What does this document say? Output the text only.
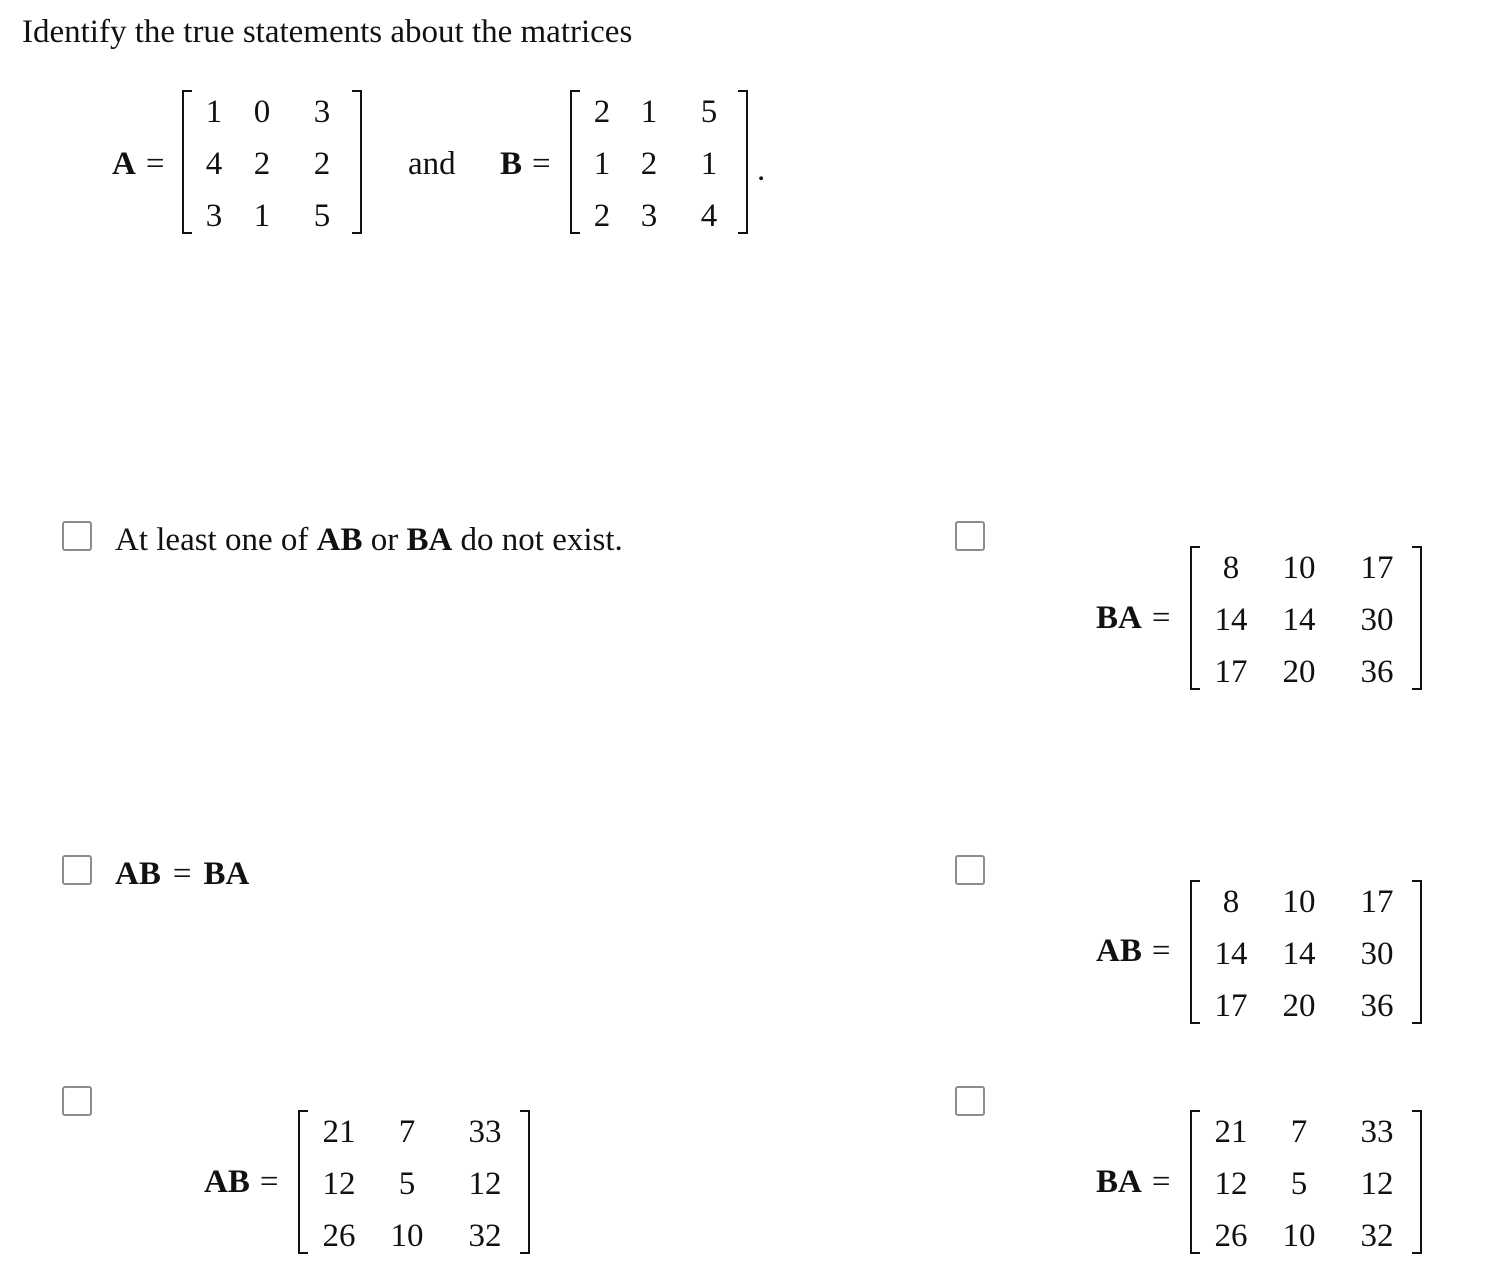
Identify the true statements about the matrices
A =
1 0	3
4 2	2
3 1	5
and B =
2 1	5
1 2	1
2 3	4
.
At least one of AB or BA do not exist.
BA =
8	10	17
14	14	30
17	20	36
AB = BA
AB =
8	10	17
14	14	30
17	20	36
AB =
21	7	33
12	5	12
26	10	32
BA =
21	7	33
12	5	12
26	10	32
